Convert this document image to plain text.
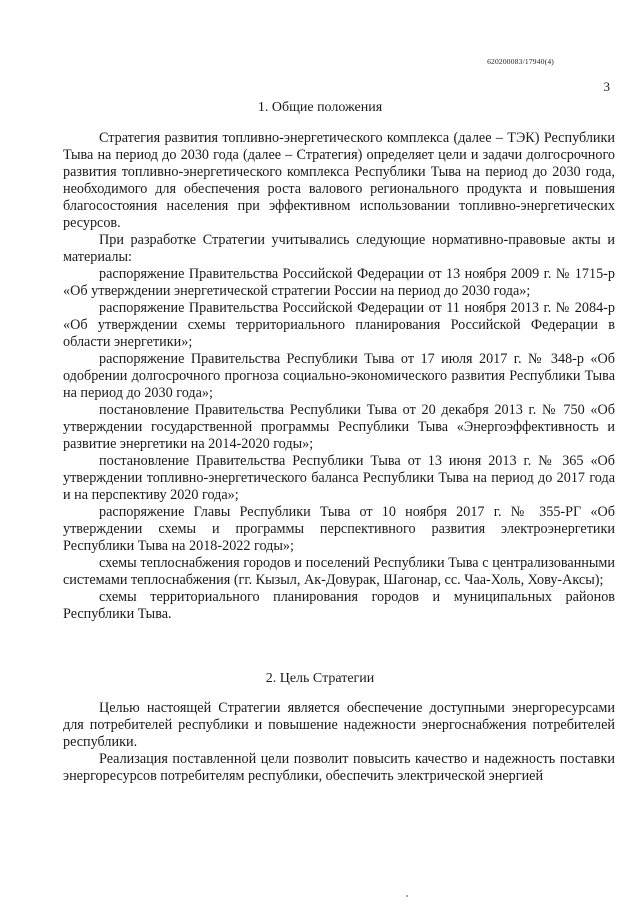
620200083/17940(4)
3
1. Общие положения

Стратегия развития топливно-энергетического комплекса (далее – ТЭК) Республики Тыва на период до 2030 года (далее – Стратегия) определяет цели и задачи долгосрочного развития топливно-энергетического комплекса Республики Тыва на период до 2030 года, необходимого для обеспечения роста валового регионального продукта и повышения благосостояния населения при эффективном использовании топливно-энергетических ресурсов.

При разработке Стратегии учитывались следующие нормативно-правовые акты и материалы:

распоряжение Правительства Российской Федерации от 13 ноября 2009 г. № 1715-р «Об утверждении энергетической стратегии России на период до 2030 года»;

распоряжение Правительства Российской Федерации от 11 ноября 2013 г. № 2084-р «Об утверждении схемы территориального планирования Российской Федерации в области энергетики»;

распоряжение Правительства Республики Тыва от 17 июля 2017 г. № 348-р «Об одобрении долгосрочного прогноза социально-экономического развития Республики Тыва на период до 2030 года»;

постановление Правительства Республики Тыва от 20 декабря 2013 г. № 750 «Об утверждении государственной программы Республики Тыва «Энергоэффективность и развитие энергетики на 2014-2020 годы»;

постановление Правительства Республики Тыва от 13 июня 2013 г. № 365 «Об утверждении топливно-энергетического баланса Республики Тыва на период до 2017 года и на перспективу 2020 года»;

распоряжение Главы Республики Тыва от 10 ноября 2017 г. № 355-РГ «Об утверждении схемы и программы перспективного развития электроэнергетики Республики Тыва на 2018-2022 годы»;

схемы теплоснабжения городов и поселений Республики Тыва с централизованными системами теплоснабжения (гг. Кызыл, Ак-Довурак, Шагонар, сс. Чаа-Холь, Хову-Аксы);

схемы территориального планирования городов и муниципальных районов Республики Тыва.

2. Цель Стратегии

Целью настоящей Стратегии является обеспечение доступными энергоресурсами для потребителей республики и повышение надежности энергоснабжения потребителей республики.

Реализация поставленной цели позволит повысить качество и надежность поставки энергоресурсов потребителям республики, обеспечить электрической энергией
